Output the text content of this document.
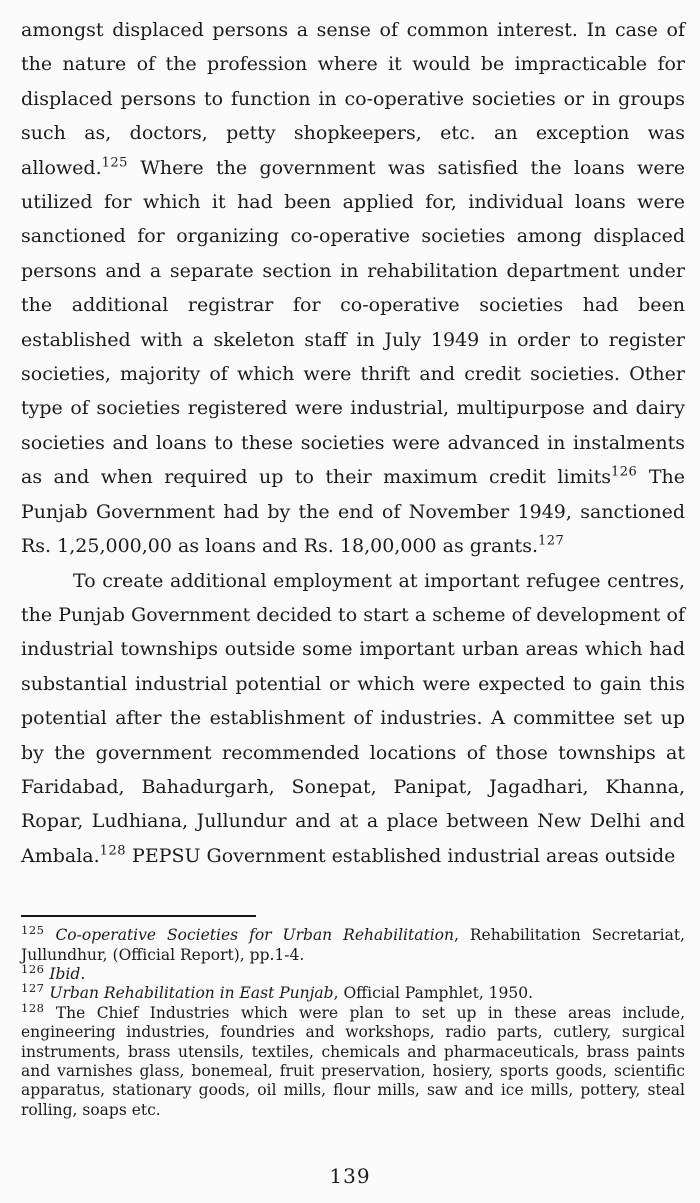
amongst displaced persons a sense of common interest. In case of the nature of the profession where it would be impracticable for displaced persons to function in co-operative societies or in groups such as, doctors, petty shopkeepers, etc. an exception was allowed.$^{125}$ Where the government was satisfied the loans were utilized for which it had been applied for, individual loans were sanctioned for organizing co-operative societies among displaced persons and a separate section in rehabilitation department under the additional registrar for co-operative societies had been established with a skeleton staff in July 1949 in order to register societies, majority of which were thrift and credit societies. Other type of societies registered were industrial, multipurpose and dairy societies and loans to these societies were advanced in instalments as and when required up to their maximum credit limits$^{126}$ The Punjab Government had by the end of November 1949, sanctioned Rs. 1,25,000,00 as loans and Rs. 18,00,000 as grants.$^{127}$

To create additional employment at important refugee centres, the Punjab Government decided to start a scheme of development of industrial townships outside some important urban areas which had substantial industrial potential or which were expected to gain this potential after the establishment of industries. A committee set up by the government recommended locations of those townships at Faridabad, Bahadurgarh, Sonepat, Panipat, Jagadhari, Khanna, Ropar, Ludhiana, Jullundur and at a place between New Delhi and Ambala.$^{128}$ PEPSU Government established industrial areas outside

$^{125}$ Co-operative Societies for Urban Rehabilitation, Rehabilitation Secretariat, Jullundhur, (Official Report), pp.1-4.

$^{126}$ Ibid.

$^{127}$ Urban Rehabilitation in East Punjab, Official Pamphlet, 1950.

$^{128}$ The Chief Industries which were plan to set up in these areas include, engineering industries, foundries and workshops, radio parts, cutlery, surgical instruments, brass utensils, textiles, chemicals and pharmaceuticals, brass paints and varnishes glass, bonemeal, fruit preservation, hosiery, sports goods, scientific apparatus, stationary goods, oil mills, flour mills, saw and ice mills, pottery, steal rolling, soaps etc.

139
